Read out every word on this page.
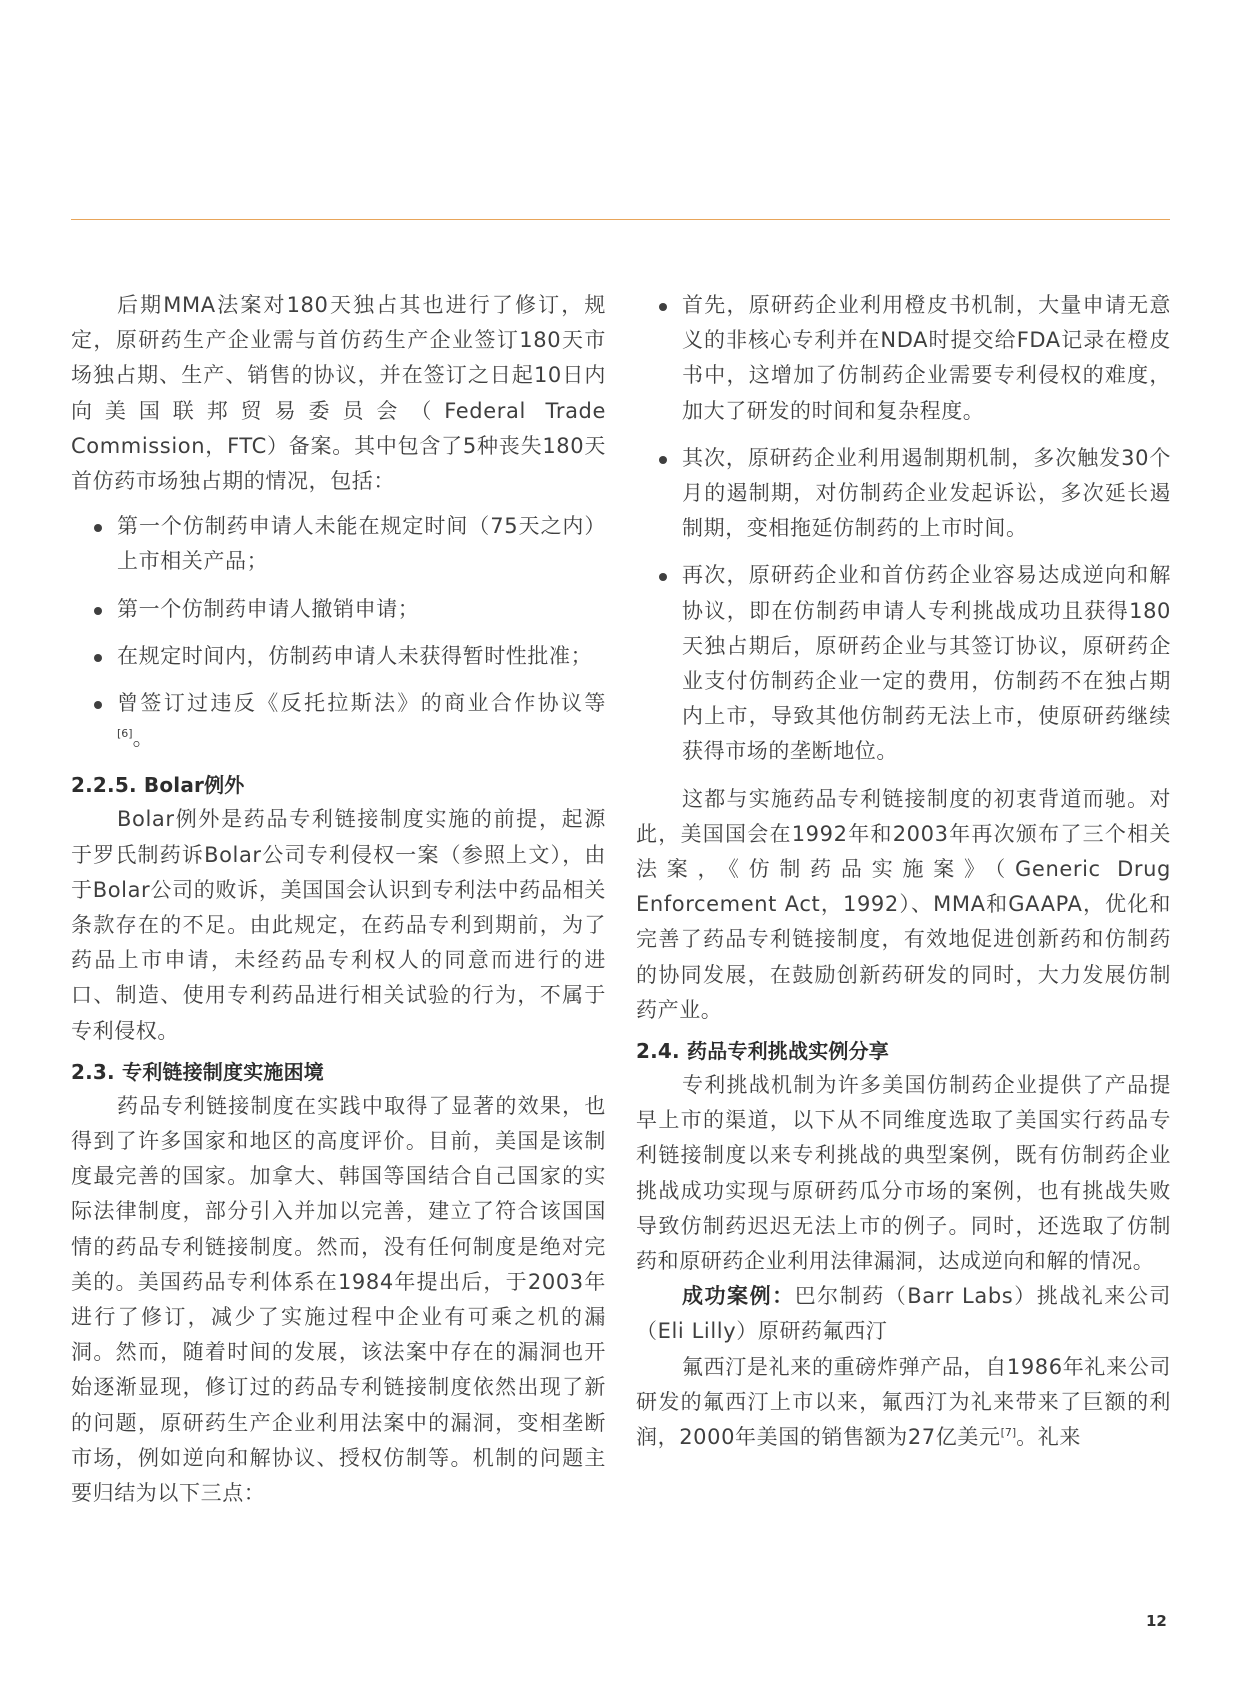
后期MMA法案对180天独占其也进行了修订，规定，原研药生产企业需与首仿药生产企业签订180天市场独占期、生产、销售的协议，并在签订之日起10日内向美国联邦贸易委员会（Federal Trade Commission，FTC）备案。其中包含了5种丧失180天首仿药市场独占期的情况，包括：

第一个仿制药申请人未能在规定时间（75天之内）上市相关产品；
第一个仿制药申请人撤销申请；
在规定时间内，仿制药申请人未获得暂时性批准；
曾签订过违反《反托拉斯法》的商业合作协议等[6]。
2.2.5. Bolar例外

Bolar例外是药品专利链接制度实施的前提，起源于罗氏制药诉Bolar公司专利侵权一案（参照上文），由于Bolar公司的败诉，美国国会认识到专利法中药品相关条款存在的不足。由此规定，在药品专利到期前，为了药品上市申请，未经药品专利权人的同意而进行的进口、制造、使用专利药品进行相关试验的行为，不属于专利侵权。

2.3. 专利链接制度实施困境

药品专利链接制度在实践中取得了显著的效果，也得到了许多国家和地区的高度评价。目前，美国是该制度最完善的国家。加拿大、韩国等国结合自己国家的实际法律制度，部分引入并加以完善，建立了符合该国国情的药品专利链接制度。然而，没有任何制度是绝对完美的。美国药品专利体系在1984年提出后，于2003年进行了修订，减少了实施过程中企业有可乘之机的漏洞。然而，随着时间的发展，该法案中存在的漏洞也开始逐渐显现，修订过的药品专利链接制度依然出现了新的问题，原研药生产企业利用法案中的漏洞，变相垄断市场，例如逆向和解协议、授权仿制等。机制的问题主要归结为以下三点：

首先，原研药企业利用橙皮书机制，大量申请无意义的非核心专利并在NDA时提交给FDA记录在橙皮书中，这增加了仿制药企业需要专利侵权的难度，加大了研发的时间和复杂程度。
其次，原研药企业利用遏制期机制，多次触发30个月的遏制期，对仿制药企业发起诉讼，多次延长遏制期，变相拖延仿制药的上市时间。
再次，原研药企业和首仿药企业容易达成逆向和解协议，即在仿制药申请人专利挑战成功且获得180天独占期后，原研药企业与其签订协议，原研药企业支付仿制药企业一定的费用，仿制药不在独占期内上市，导致其他仿制药无法上市，使原研药继续获得市场的垄断地位。

这都与实施药品专利链接制度的初衷背道而驰。对此，美国国会在1992年和2003年再次颁布了三个相关法案，《仿制药品实施案》（Generic Drug Enforcement Act，1992）、MMA和GAAPA，优化和完善了药品专利链接制度，有效地促进创新药和仿制药的协同发展，在鼓励创新药研发的同时，大力发展仿制药产业。

2.4. 药品专利挑战实例分享

专利挑战机制为许多美国仿制药企业提供了产品提早上市的渠道，以下从不同维度选取了美国实行药品专利链接制度以来专利挑战的典型案例，既有仿制药企业挑战成功实现与原研药瓜分市场的案例，也有挑战失败导致仿制药迟迟无法上市的例子。同时，还选取了仿制药和原研药企业利用法律漏洞，达成逆向和解的情况。

成功案例：巴尔制药（Barr Labs）挑战礼来公司（Eli Lilly）原研药氟西汀

氟西汀是礼来的重磅炸弹产品，自1986年礼来公司研发的氟西汀上市以来，氟西汀为礼来带来了巨额的利润，2000年美国的销售额为27亿美元[7]。礼来

12
